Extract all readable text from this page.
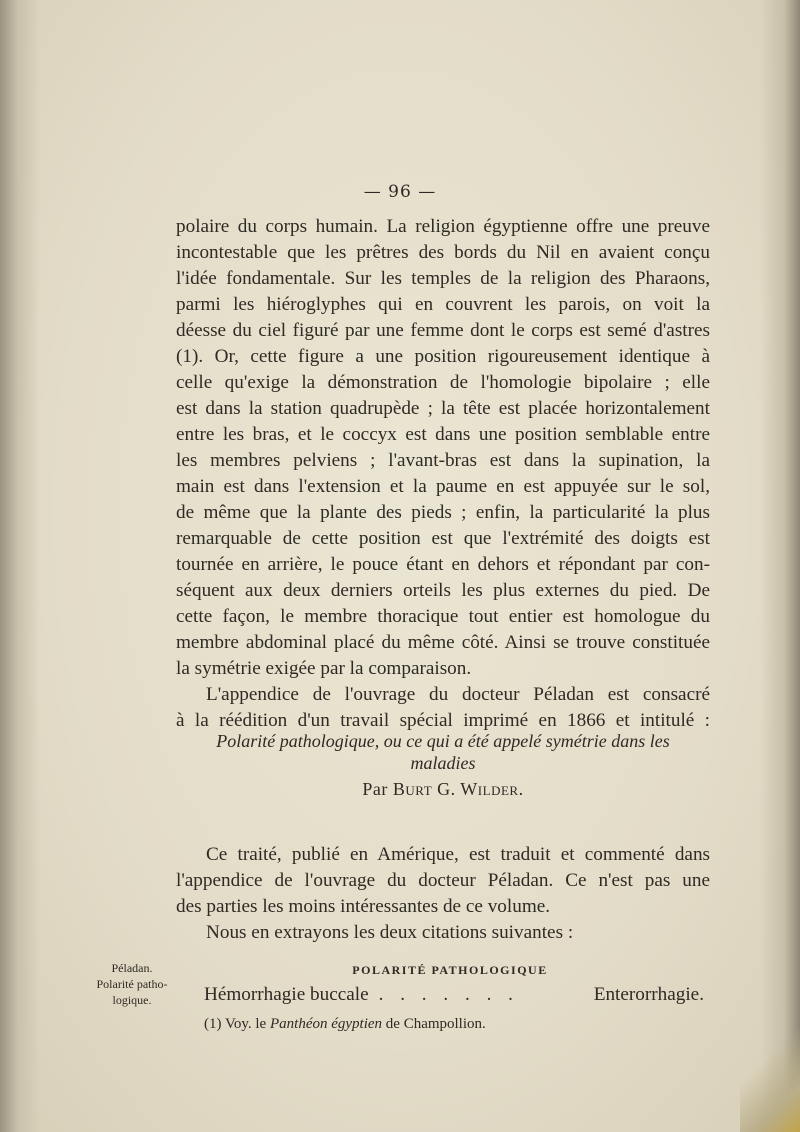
— 96 —
polaire du corps humain. La religion égyptienne offre une preuve
incontestable que les prêtres des bords du Nil en avaient conçu
l'idée fondamentale. Sur les temples de la religion des Pharaons,
parmi les hiéroglyphes qui en couvrent les parois, on voit la
déesse du ciel figuré par une femme dont le corps est semé d'astres
(1). Or, cette figure a une position rigoureusement identique à
celle qu'exige la démonstration de l'homologie bipolaire ; elle
est dans la station quadrupède ; la tête est placée horizontalement
entre les bras, et le coccyx est dans une position semblable entre
les membres pelviens ; l'avant-bras est dans la supination, la
main est dans l'extension et la paume en est appuyée sur le sol,
de même que la plante des pieds ; enfin, la particularité la plus
remarquable de cette position est que l'extrémité des doigts est
tournée en arrière, le pouce étant en dehors et répondant par con-
séquent aux deux derniers orteils les plus externes du pied. De
cette façon, le membre thoracique tout entier est homologue du
membre abdominal placé du même côté. Ainsi se trouve constituée
la symétrie exigée par la comparaison.
L'appendice de l'ouvrage du docteur Péladan est consacré
à la réédition d'un travail spécial imprimé en 1866 et intitulé :
Polarité pathologique, ou ce qui a été appelé symétrie dans les
maladies
Par Burt G. Wilder.
Ce traité, publié en Amérique, est traduit et commenté dans
l'appendice de l'ouvrage du docteur Péladan. Ce n'est pas une
des parties les moins intéressantes de ce volume.
Nous en extrayons les deux citations suivantes :
Péladan.
Polarité patho-
logique.
POLARITÉ PATHOLOGIQUE
Hémorrhagie buccale . . . . . . .	Enterorrhagie.
(1) Voy. le Panthéon égyptien de Champollion.
